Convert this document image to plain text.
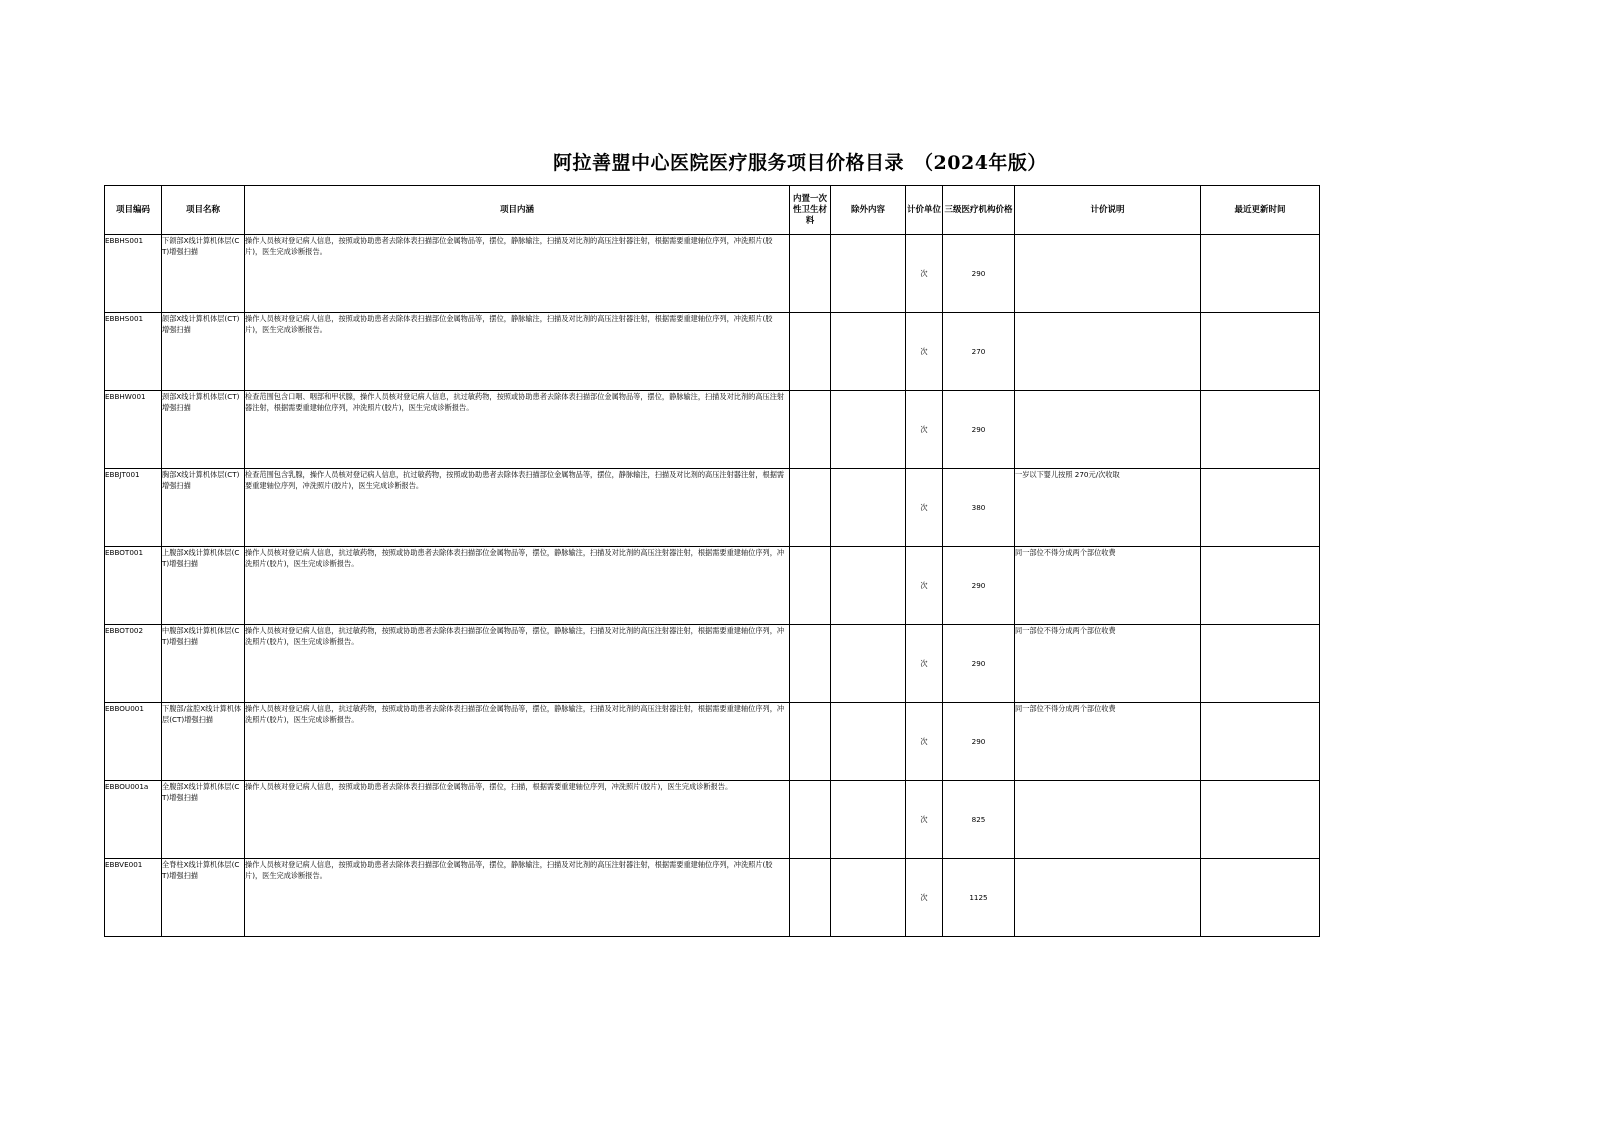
阿拉善盟中心医院医疗服务项目价格目录　（2024年版）
项目编码	项目名称	项目内涵	内置一次性卫生材料	除外内容	计价单位	三级医疗机构价格	计价说明	最近更新时间
EBBHS001	下颌部X线计算机体层(CT)增强扫描	操作人员核对登记病人信息，按照或协助患者去除体表扫描部位金属物品等，摆位，静脉输注，扫描及对比剂的高压注射器注射，根据需要重建轴位序列，冲洗照片(胶片)，医生完成诊断报告。			次	290		
EBBHS001	颌部X线计算机体层(CT)增强扫描	操作人员核对登记病人信息，按照或协助患者去除体表扫描部位金属物品等，摆位，静脉输注，扫描及对比剂的高压注射器注射，根据需要重建轴位序列，冲洗照片(胶片)，医生完成诊断报告。			次	270		
EBBHW001	颈部X线计算机体层(CT)增强扫描	检查范围包含口咽、咽部和甲状腺，操作人员核对登记病人信息，抗过敏药物，按照或协助患者去除体表扫描部位金属物品等，摆位，静脉输注，扫描及对比剂的高压注射器注射，根据需要重建轴位序列，冲洗照片(胶片)，医生完成诊断报告。			次	290		
EBBJT001	胸部X线计算机体层(CT)增强扫描	检查范围包含乳腺，操作人员核对登记病人信息，抗过敏药物，按照或协助患者去除体表扫描部位金属物品等，摆位，静脉输注，扫描及对比剂的高压注射器注射，根据需要重建轴位序列，冲洗照片(胶片)，医生完成诊断报告。			次	380	一岁以下婴儿按照 270元/次收取	
EBBOT001	上腹部X线计算机体层(CT)增强扫描	操作人员核对登记病人信息，抗过敏药物，按照或协助患者去除体表扫描部位金属物品等，摆位，静脉输注，扫描及对比剂的高压注射器注射，根据需要重建轴位序列，冲洗照片(胶片)，医生完成诊断报告。			次	290	同一部位不得分成两个部位收费	
EBBOT002	中腹部X线计算机体层(CT)增强扫描	操作人员核对登记病人信息，抗过敏药物，按照或协助患者去除体表扫描部位金属物品等，摆位，静脉输注，扫描及对比剂的高压注射器注射，根据需要重建轴位序列，冲洗照片(胶片)，医生完成诊断报告。			次	290	同一部位不得分成两个部位收费	
EBBOU001	下腹部/盆腔X线计算机体层(CT)增强扫描	操作人员核对登记病人信息，抗过敏药物，按照或协助患者去除体表扫描部位金属物品等，摆位，静脉输注，扫描及对比剂的高压注射器注射，根据需要重建轴位序列，冲洗照片(胶片)，医生完成诊断报告。			次	290	同一部位不得分成两个部位收费	
EBBOU001a	全腹部X线计算机体层(CT)增强扫描	操作人员核对登记病人信息，按照或协助患者去除体表扫描部位金属物品等，摆位，扫描，根据需要重建轴位序列，冲洗照片(胶片)，医生完成诊断报告。			次	825		
EBBVE001	全脊柱X线计算机体层(CT)增强扫描	操作人员核对登记病人信息，按照或协助患者去除体表扫描部位金属物品等，摆位，静脉输注，扫描及对比剂的高压注射器注射，根据需要重建轴位序列，冲洗照片(胶片)，医生完成诊断报告。			次	1125		
